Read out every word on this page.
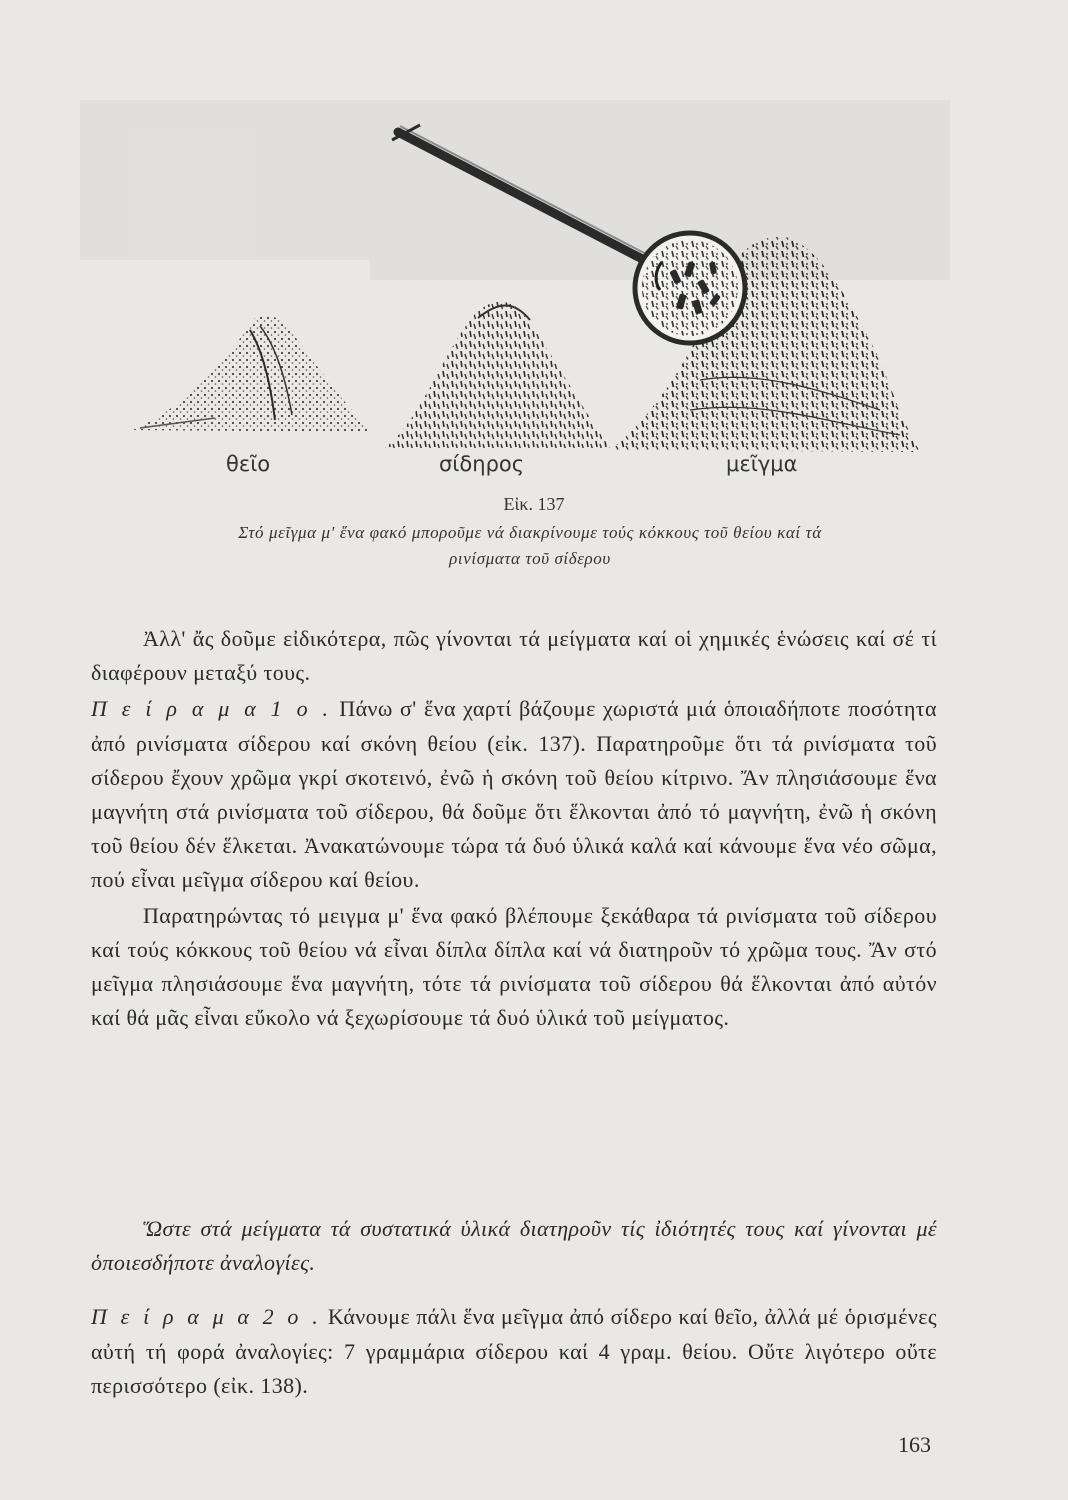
θεῖο	σίδηρος	μεῖγμα
Εἰκ. 137
Στό μεῖγμα μ' ἕνα φακό μποροῦμε νά διακρίνουμε τούς κόκκους τοῦ θείου καί τά
ρινίσματα τοῦ σίδερου

Ἀλλ' ἄς δοῦμε εἰδικότερα, πῶς γίνονται τά μείγματα καί οἱ χημικές ἑνώσεις καί σέ τί διαφέρουν μεταξύ τους.

Π ε ί ρ α μ α 1 ο . Πάνω σ' ἕνα χαρτί βάζουμε χωριστά μιά ὁποιαδήποτε ποσότητα ἀπό ρινίσματα σίδερου καί σκόνη θείου (εἰκ. 137). Παρατηροῦμε ὅτι τά ρινίσματα τοῦ σίδερου ἔχουν χρῶμα γκρί σκοτεινό, ἐνῶ ἡ σκόνη τοῦ θείου κίτρινο. Ἄν πλησιάσουμε ἕνα μαγνήτη στά ρινίσματα τοῦ σίδερου, θά δοῦμε ὅτι ἕλκονται ἀπό τό μαγνήτη, ἐνῶ ἡ σκόνη τοῦ θείου δέν ἕλκεται. Ἀνακατώνουμε τώρα τά δυό ὑλικά καλά καί κάνουμε ἕνα νέο σῶμα, πού εἶναι μεῖγμα σίδερου καί θείου.

Παρατηρώντας τό μειγμα μ' ἕνα φακό βλέπουμε ξεκάθαρα τά ρινίσματα τοῦ σίδερου καί τούς κόκκους τοῦ θείου νά εἶναι δίπλα δίπλα καί νά διατηροῦν τό χρῶμα τους. Ἄν στό μεῖγμα πλησιάσουμε ἕνα μαγνήτη, τότε τά ρινίσματα τοῦ σίδερου θά ἕλκονται ἀπό αὐτόν καί θά μᾶς εἶναι εὔκολο νά ξεχωρίσουμε τά δυό ὑλικά τοῦ μείγματος.

Ὥστε στά μείγματα τά συστατικά ὑλικά διατηροῦν τίς ἰδιότητές τους καί γίνονται μέ ὁποιεσδήποτε ἀναλογίες.

Π ε ί ρ α μ α 2 ο . Κάνουμε πάλι ἕνα μεῖγμα ἀπό σίδερο καί θεῖο, ἀλλά μέ ὁρισμένες αὐτή τή φορά ἀναλογίες: 7 γραμμάρια σίδερου καί 4 γραμ. θείου. Οὔτε λιγότερο οὔτε περισσότερο (εἰκ. 138).

163
